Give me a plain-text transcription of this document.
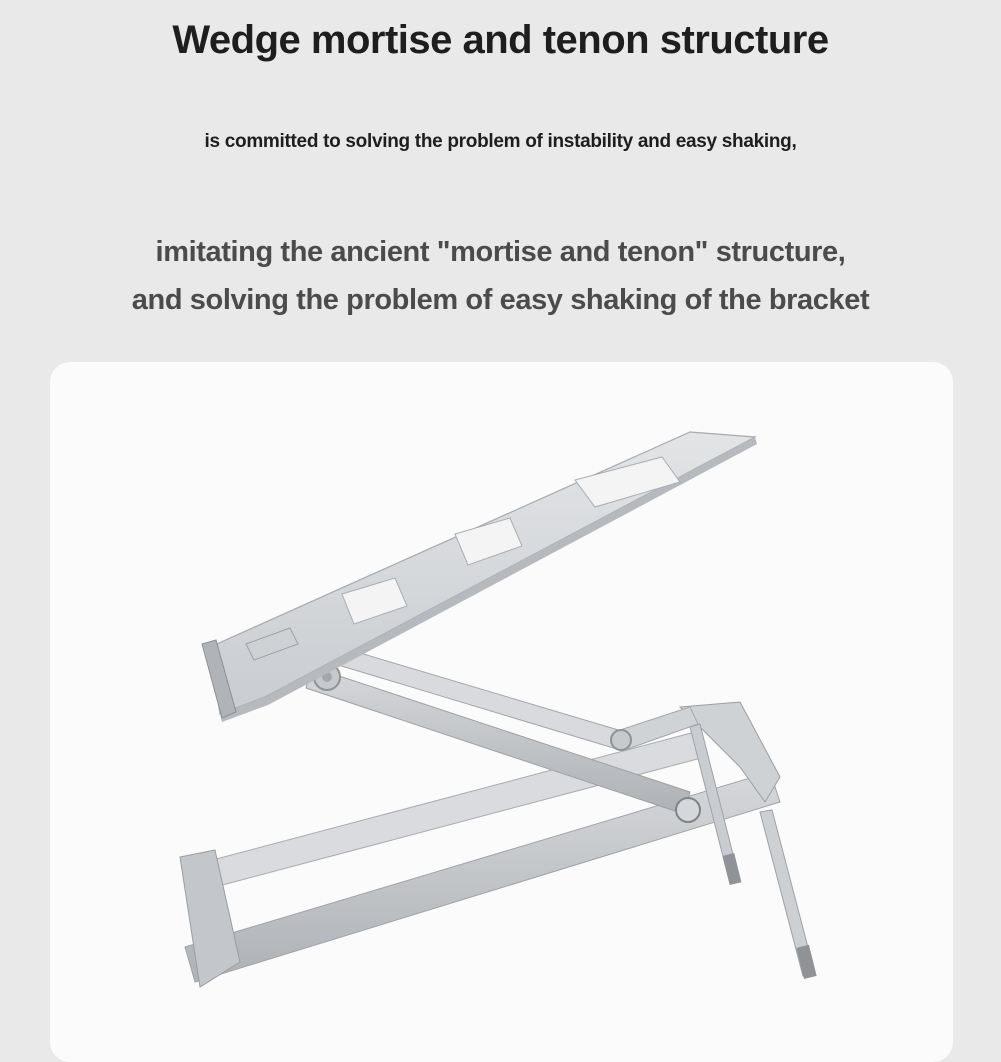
Wedge mortise and tenon structure

is committed to solving the problem of instability and easy shaking,

imitating the ancient "mortise and tenon" structure,
and solving the problem of easy shaking of the bracket
